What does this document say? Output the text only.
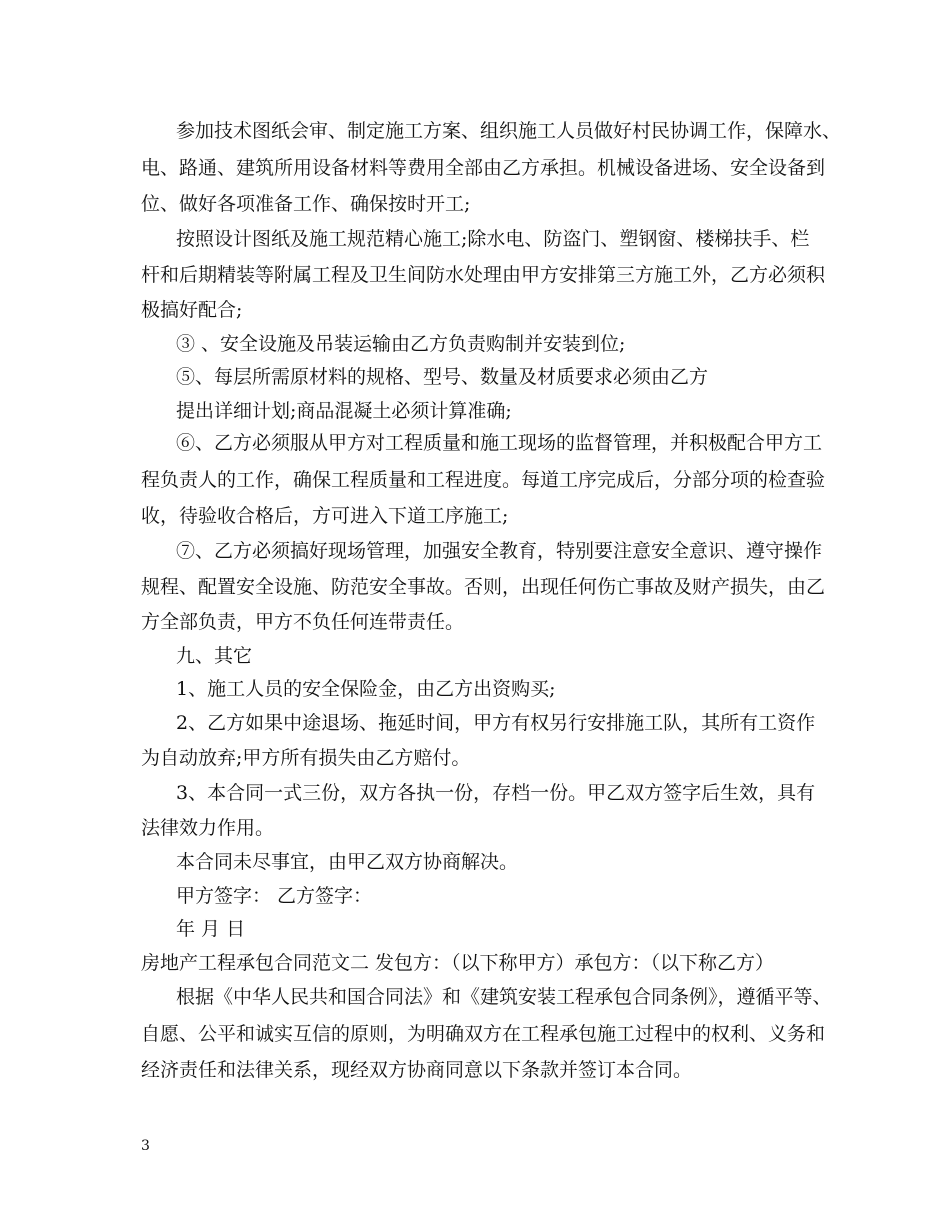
参加技术图纸会审、制定施工方案、组织施工人员做好村民协调工作，保障水、
电、路通、建筑所用设备材料等费用全部由乙方承担。机械设备进场、安全设备到
位、做好各项准备工作、确保按时开工;
按照设计图纸及施工规范精心施工;除水电、防盗门、塑钢窗、楼梯扶手、栏
杆和后期精装等附属工程及卫生间防水处理由甲方安排第三方施工外，乙方必须积
极搞好配合;
③ 、安全设施及吊装运输由乙方负责购制并安装到位;
⑤、每层所需原材料的规格、型号、数量及材质要求必须由乙方
提出详细计划;商品混凝土必须计算准确;
⑥、乙方必须服从甲方对工程质量和施工现场的监督管理，并积极配合甲方工
程负责人的工作，确保工程质量和工程进度。每道工序完成后，分部分项的检查验
收，待验收合格后，方可进入下道工序施工;
⑦、乙方必须搞好现场管理，加强安全教育，特别要注意安全意识、遵守操作
规程、配置安全设施、防范安全事故。否则，出现任何伤亡事故及财产损失，由乙
方全部负责，甲方不负任何连带责任。
九、其它
1、施工人员的安全保险金，由乙方出资购买;
2、乙方如果中途退场、拖延时间，甲方有权另行安排施工队，其所有工资作
为自动放弃;甲方所有损失由乙方赔付。
3、本合同一式三份，双方各执一份，存档一份。甲乙双方签字后生效，具有
法律效力作用。
本合同未尽事宜，由甲乙双方协商解决。
甲方签字： 乙方签字：
年 月 日
房地产工程承包合同范文二 发包方：（以下称甲方）承包方：（以下称乙方）
根据《中华人民共和国合同法》和《建筑安装工程承包合同条例》，遵循平等、
自愿、公平和诚实互信的原则，为明确双方在工程承包施工过程中的权利、义务和
经济责任和法律关系，现经双方协商同意以下条款并签订本合同。
3
